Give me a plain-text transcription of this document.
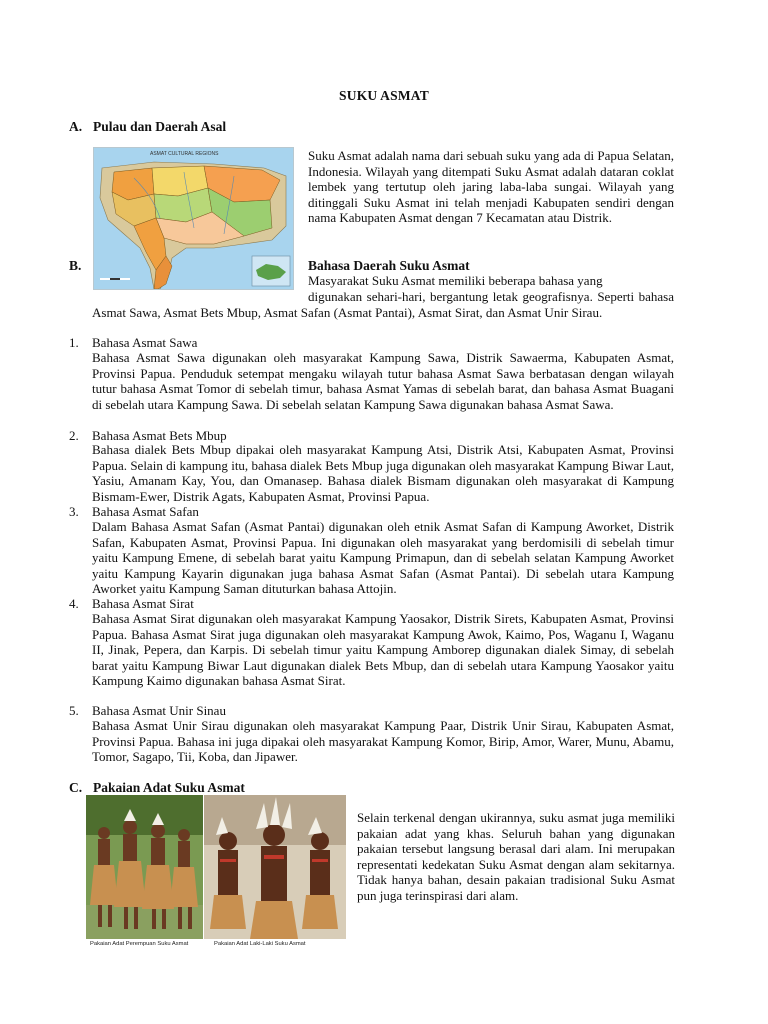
SUKU ASMAT
A. Pulau dan Daerah Asal
ASMAT CULTURAL REGIONS	Suku Asmat adalah nama dari sebuah suku yang ada di Papua Selatan, Indonesia. Wilayah yang ditempati Suku Asmat adalah dataran coklat lembek yang tertutup oleh jaring laba-laba sungai. Wilayah yang ditinggali Suku Asmat ini telah menjadi Kabupaten sendiri dengan nama Kabupaten Asmat dengan 7 Kecamatan atau Distrik.
B.	Bahasa Daerah Suku Asmat
Masyarakat Suku Asmat memiliki beberapa bahasa yang
digunakan sehari-hari, bergantung letak geografisnya. Seperti bahasa Asmat Sawa, Asmat Bets Mbup, Asmat Safan (Asmat Pantai), Asmat Sirat, dan Asmat Unir Sirau.
1. Bahasa Asmat Sawa
Bahasa Asmat Sawa digunakan oleh masyarakat Kampung Sawa, Distrik Sawaerma, Kabupaten Asmat, Provinsi Papua. Penduduk setempat mengaku wilayah tutur bahasa Asmat Sawa berbatasan dengan wilayah tutur bahasa Asmat Tomor di sebelah timur, bahasa Asmat Yamas di sebelah barat, dan bahasa Asmat Buagani di sebelah utara Kampung Sawa. Di sebelah selatan Kampung Sawa digunakan bahasa Asmat Sawa.
2. Bahasa Asmat Bets Mbup
Bahasa dialek Bets Mbup dipakai oleh masyarakat Kampung Atsi, Distrik Atsi, Kabupaten Asmat, Provinsi Papua. Selain di kampung itu, bahasa dialek Bets Mbup juga digunakan oleh masyarakat Kampung Biwar Laut, Yasiu, Amanam Kay, You, dan Omanasep. Bahasa dialek Bismam digunakan oleh masyarakat di Kampung Bismam-Ewer, Distrik Agats, Kabupaten Asmat, Provinsi Papua.
3. Bahasa Asmat Safan
Dalam Bahasa Asmat Safan (Asmat Pantai) digunakan oleh etnik Asmat Safan di Kampung Aworket, Distrik Safan, Kabupaten Asmat, Provinsi Papua. Ini digunakan oleh masyarakat yang berdomisili di sebelah timur yaitu Kampung Emene, di sebelah barat yaitu Kampung Primapun, dan di sebelah selatan Kampung Aworket yaitu Kampung Kayarin digunakan juga bahasa Asmat Safan (Asmat Pantai). Di sebelah utara Kampung Aworket yaitu Kampung Saman dituturkan bahasa Attojin.
4. Bahasa Asmat Sirat
Bahasa Asmat Sirat digunakan oleh masyarakat Kampung Yaosakor, Distrik Sirets, Kabupaten Asmat, Provinsi Papua. Bahasa Asmat Sirat juga digunakan oleh masyarakat Kampung Awok, Kaimo, Pos, Waganu I, Waganu II, Jinak, Pepera, dan Karpis. Di sebelah timur yaitu Kampung Amborep digunakan dialek Simay, di sebelah barat yaitu Kampung Biwar Laut digunakan dialek Bets Mbup, dan di sebelah utara Kampung Yaosakor yaitu Kampung Kaimo digunakan bahasa Asmat Sirat.
5. Bahasa Asmat Unir Sinau
Bahasa Asmat Unir Sirau digunakan oleh masyarakat Kampung Paar, Distrik Unir Sirau, Kabupaten Asmat, Provinsi Papua. Bahasa ini juga dipakai oleh masyarakat Kampung Komor, Birip, Amor, Warer, Munu, Abamu, Tomor, Sagapo, Tii, Koba, dan Jipawer.
C. Pakaian Adat Suku Asmat
Pakaian Adat Perempuan Suku Asmat	Pakaian Adat Laki-Laki Suku Asmat
Selain terkenal dengan ukirannya, suku asmat juga memiliki pakaian adat yang khas. Seluruh bahan yang digunakan pakaian tersebut langsung berasal dari alam. Ini merupakan representati kedekatan Suku Asmat dengan alam sekitarnya. Tidak hanya bahan, desain pakaian tradisional Suku Asmat pun juga terinspirasi dari alam.
